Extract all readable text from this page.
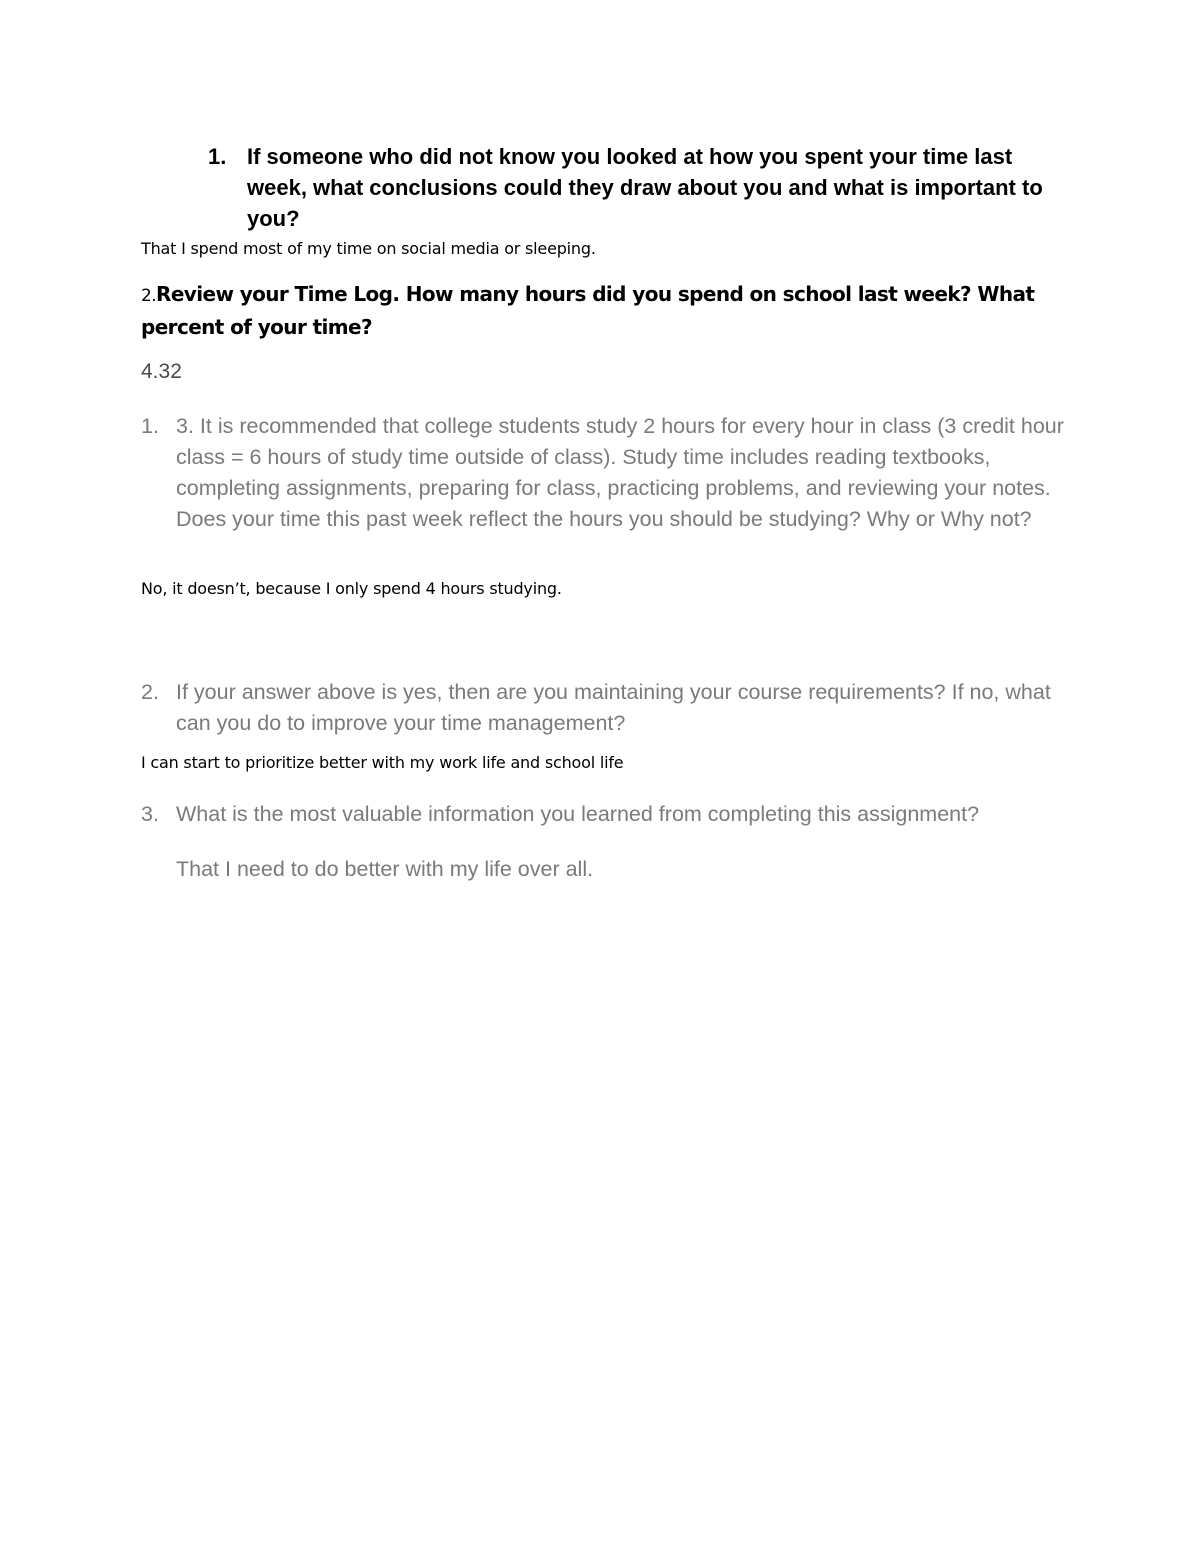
1. If someone who did not know you looked at how you spent your time last week, what conclusions could they draw about you and what is important to you?
That I spend most of my time on social media or sleeping.
2.Review your Time Log. How many hours did you spend on school last week? What percent of your time?
4.32
1. 3. It is recommended that college students study 2 hours for every hour in class (3 credit hour class = 6 hours of study time outside of class). Study time includes reading textbooks, completing assignments, preparing for class, practicing problems, and reviewing your notes. Does your time this past week reflect the hours you should be studying? Why or Why not?
No, it doesn’t, because I only spend 4 hours studying.
2. If your answer above is yes, then are you maintaining your course requirements? If no, what can you do to improve your time management?
I can start to prioritize better with my work life and school life
3. What is the most valuable information you learned from completing this assignment?
That I need to do better with my life over all.
